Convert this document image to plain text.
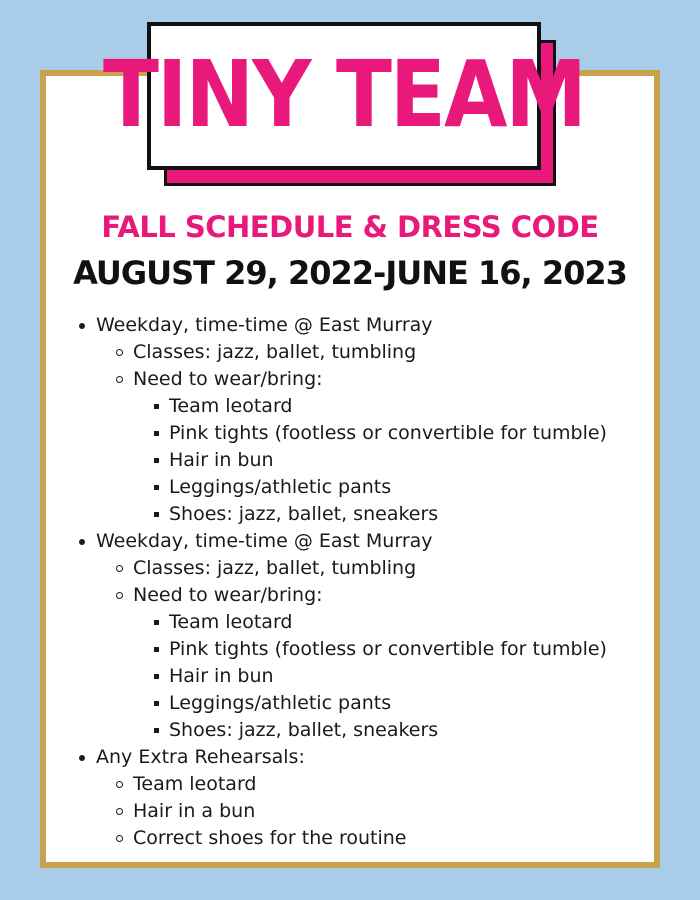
TINY TEAM
FALL SCHEDULE & DRESS CODE
AUGUST 29, 2022-JUNE 16, 2023
Weekday, time-time @ East Murray
Classes: jazz, ballet, tumbling
Need to wear/bring:
Team leotard
Pink tights (footless or convertible for tumble)
Hair in bun
Leggings/athletic pants
Shoes: jazz, ballet, sneakers
Weekday, time-time @ East Murray
Classes: jazz, ballet, tumbling
Need to wear/bring:
Team leotard
Pink tights (footless or convertible for tumble)
Hair in bun
Leggings/athletic pants
Shoes: jazz, ballet, sneakers
Any Extra Rehearsals:
Team leotard
Hair in a bun
Correct shoes for the routine
